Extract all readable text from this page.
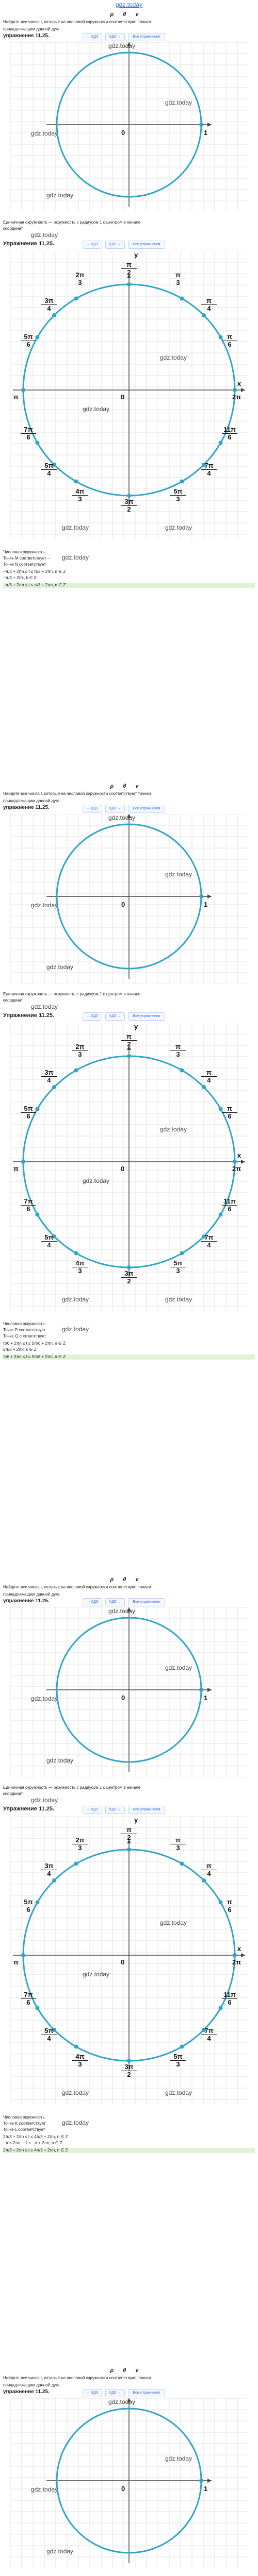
gdz.today
ρθν
Найдите все числа t, которые на числовой окружности соответствуют точкам,
принадлежащим данной дуге:
упражнение 11.25.	← КДЗ	КДЗ →	Все упражнения
gdz.today
gdz.today
gdz.today
gdz.today
0	1
Единичная окружность — окружность с радиусом 1 с центром в начале
координат.
gdz.today
Упражнение 11.25.	← КДЗ	КДЗ →	Все упражнения
π
2
2π
3
π
3
3π
4
π
4
5π
6
π
6
π	2π
x
y
0
7π
6
11π
6
5π
4
7π
4
4π
3
5π
3
3π
2
gdz.today
gdz.today
gdz.today	gdz.today
Числовая окружность:
Точке M соответствует −
Точке N соответствует
−π/3 + 2πn ≤ t ≤ π/3 + 2πn, n ∈ Z
−π/3 + 2πk, k ∈ Z
−π/3 + 2πn ≤ t ≤ π/3 + 2πn, n ∈ Z
gdz.today
ρθν
Найдите все числа t, которые на числовой окружности соответствуют точкам,
принадлежащим данной дуге:
упражнение 11.25.	← КДЗ	КДЗ →	Все упражнения
gdz.today
gdz.today
gdz.today
gdz.today
0	1
Единичная окружность — окружность с радиусом 1 с центром в начале
координат.
gdz.today
Упражнение 11.25.	← КДЗ	КДЗ →	Все упражнения
π
2
2π
3
π
3
3π
4
π
4
5π
6
π
6
π	2π
x
y
0
7π
6
11π
6
5π
4
7π
4
4π
3
5π
3
3π
2
gdz.today
gdz.today
gdz.today	gdz.today
Числовая окружность:
Точке P соответствует
Точке Q соответствует
π/6 + 2πn ≤ t ≤ 5π/6 + 2πn, n ∈ Z
5π/6 + 2πk, k ∈ Z
π/6 + 2πn ≤ t ≤ 5π/6 + 2πn, n ∈ Z
gdz.today
ρθν
Найдите все числа t, которые на числовой окружности соответствуют точкам,
принадлежащим данной дуге:
упражнение 11.25.	← КДЗ	КДЗ →	Все упражнения
gdz.today
gdz.today
gdz.today
gdz.today
0	1
Единичная окружность — окружность с радиусом 1 с центром в начале
координат.
gdz.today
Упражнение 11.25.	← КДЗ	КДЗ →	Все упражнения
π
2
2π
3
π
3
3π
4
π
4
5π
6
π
6
π	2π
x
y
0
7π
6
11π
6
5π
4
7π
4
4π
3
5π
3
3π
2
gdz.today
gdz.today
gdz.today	gdz.today
Числовая окружность:
Точке K соответствует
Точке L соответствует
2π/3 + 2πn ≤ t ≤ 4π/3 + 2πn, n ∈ Z
−π ≤ 2πn − 1 ≤ −π + 2πn, n ∈ Z
2π/3 + 2πn ≤ t ≤ 4π/3 + 2πn, n ∈ Z
gdz.today
ρθν
Найдите все числа t, которые на числовой окружности соответствуют точкам,
принадлежащим данной дуге:
упражнение 11.25.	← КДЗ	КДЗ →	Все упражнения
gdz.today
gdz.today
gdz.today
gdz.today
0	1
